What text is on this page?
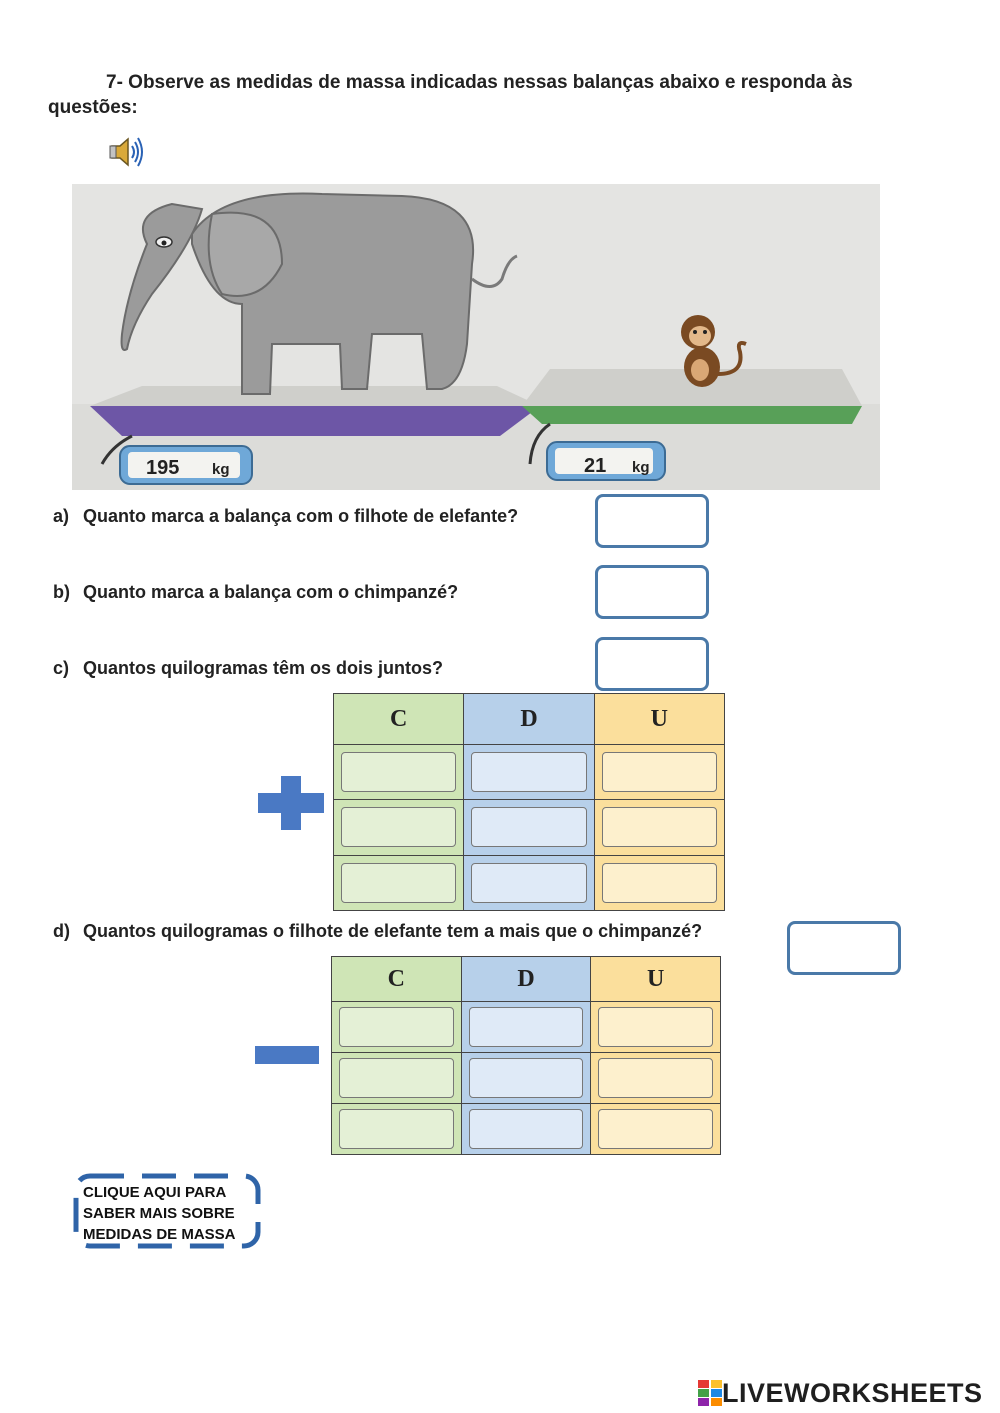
7- Observe as medidas de massa indicadas nessas balanças abaixo e responda às
questões:
195 kg	21 kg
a) Quanto marca a balança com o filhote de elefante?
b) Quanto marca a balança com o chimpanzé?
c) Quantos quilogramas têm os dois juntos?
C	D	U

d) Quantos quilogramas o filhote de elefante tem a mais que o chimpanzé?
C	D	U

CLIQUE AQUI PARA
SABER MAIS SOBRE
MEDIDAS DE MASSA
LIVEWORKSHEETS
